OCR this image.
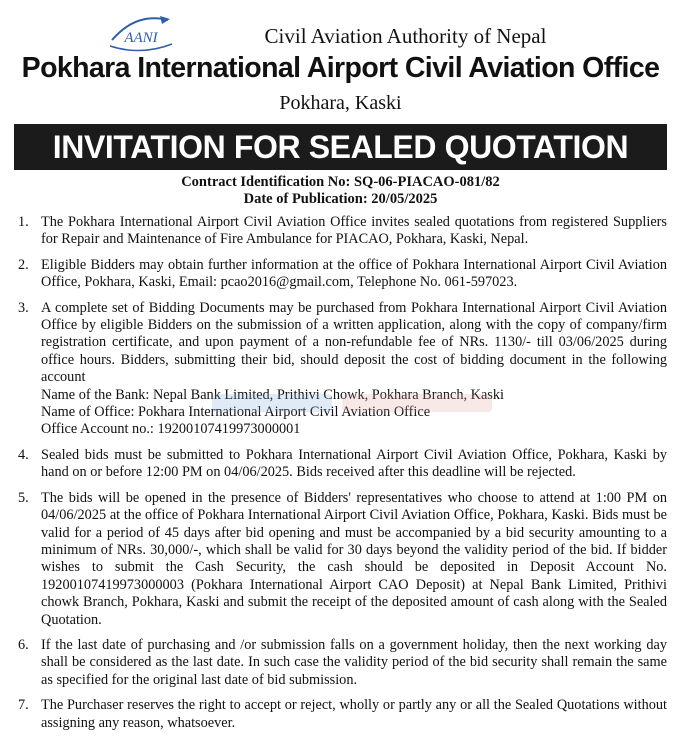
AANI	Civil Aviation Authority of Nepal
Pokhara International Airport Civil Aviation Office
Pokhara, Kaski
INVITATION FOR SEALED QUOTATION
Contract Identification No: SQ-06-PIACAO-081/82
Date of Publication: 20/05/2025
1. The Pokhara International Airport Civil Aviation Office invites sealed quotations from registered Suppliers for Repair and Maintenance of Fire Ambulance for PIACAO, Pokhara, Kaski, Nepal.
2. Eligible Bidders may obtain further information at the office of Pokhara International Airport Civil Aviation Office, Pokhara, Kaski, Email: pcao2016@gmail.com, Telephone No. 061-597023.
3. A complete set of Bidding Documents may be purchased from Pokhara International Airport Civil Aviation Office by eligible Bidders on the submission of a written application, along with the copy of company/firm registration certificate, and upon payment of a non-refundable fee of NRs. 1130/- till 03/06/2025 during office hours. Bidders, submitting their bid, should deposit the cost of bidding document in the following account
Name of the Bank: Nepal Bank Limited, Prithivi Chowk, Pokhara Branch, Kaski
Name of Office: Pokhara International Airport Civil Aviation Office
Office Account no.: 19200107419973000001
4. Sealed bids must be submitted to Pokhara International Airport Civil Aviation Office, Pokhara, Kaski by hand on or before 12:00 PM on 04/06/2025. Bids received after this deadline will be rejected.
5. The bids will be opened in the presence of Bidders' representatives who choose to attend at 1:00 PM on 04/06/2025 at the office of Pokhara International Airport Civil Aviation Office, Pokhara, Kaski. Bids must be valid for a period of 45 days after bid opening and must be accompanied by a bid security amounting to a minimum of NRs. 30,000/-, which shall be valid for 30 days beyond the validity period of the bid. If bidder wishes to submit the Cash Security, the cash should be deposited in Deposit Account No. 19200107419973000003 (Pokhara International Airport CAO Deposit) at Nepal Bank Limited, Prithivi chowk Branch, Pokhara, Kaski and submit the receipt of the deposited amount of cash along with the Sealed Quotation.
6. If the last date of purchasing and /or submission falls on a government holiday, then the next working day shall be considered as the last date. In such case the validity period of the bid security shall remain the same as specified for the original last date of bid submission.
7. The Purchaser reserves the right to accept or reject, wholly or partly any or all the Sealed Quotations without assigning any reason, whatsoever.
